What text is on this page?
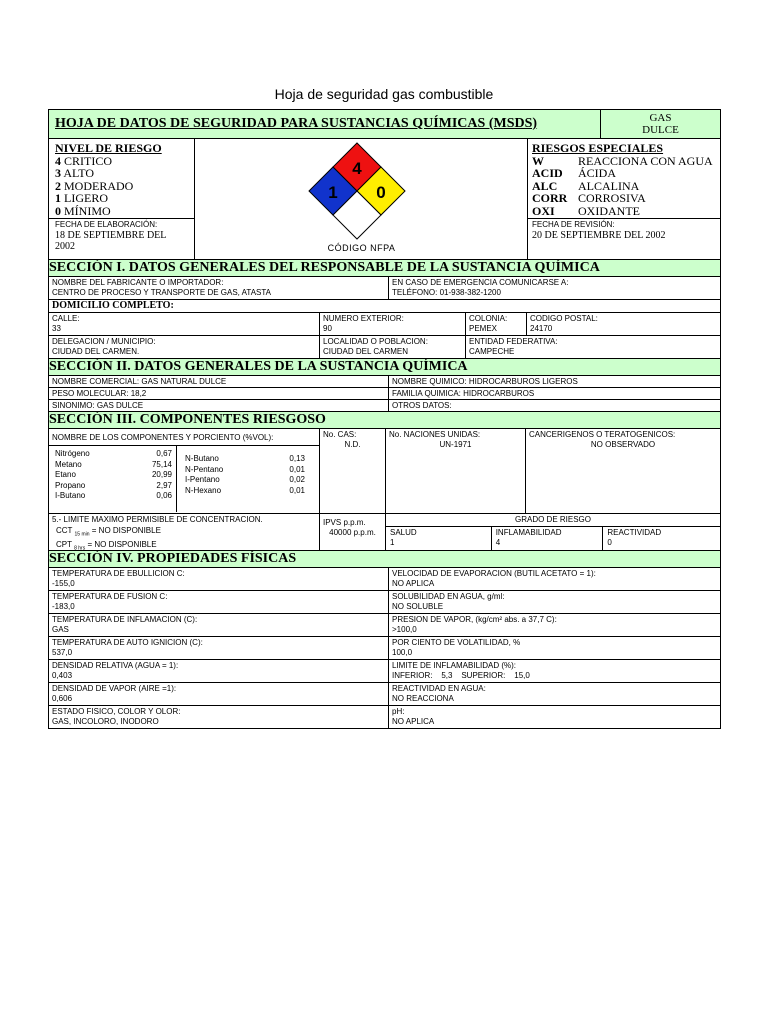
Hoja de seguridad gas combustible
HOJA DE DATOS DE SEGURIDAD PARA SUSTANCIAS QUÍMICAS (MSDS)	GAS
DULCE
NIVEL DE RIESGO
4 CRITICO
3 ALTO
2 MODERADO
1 LIGERO
0 MÍNIMO
FECHA DE ELABORACIÓN:
18 DE SEPTIEMBRE DEL 2002
4
1 0
CÓDIGO NFPA
RIESGOS ESPECIALES
W	REACCIONA CON AGUA
ACID	ÁCIDA
ALC	ALCALINA
CORR CORROSIVA
OXI	OXIDANTE
FECHA DE REVISIÓN:
20 DE SEPTIEMBRE DEL 2002
SECCIÓN I. DATOS GENERALES DEL RESPONSABLE DE LA SUSTANCIA QUÍMICA
NOMBRE DEL FABRICANTE O IMPORTADOR:
CENTRO DE PROCESO Y TRANSPORTE DE GAS, ATASTA
EN CASO DE EMERGENCIA COMUNICARSE A:
TELÉFONO: 01-938-382-1200
DOMICILIO COMPLETO:
CALLE:
33
NUMERO EXTERIOR:
90
COLONIA:
PEMEX
CODIGO POSTAL:
24170
DELEGACION / MUNICIPIO:
CIUDAD DEL CARMEN.
LOCALIDAD O POBLACION:
CIUDAD DEL CARMEN
ENTIDAD FEDERATIVA:
CAMPECHE
SECCIÓN II. DATOS GENERALES DE LA SUSTANCIA QUÍMICA
NOMBRE COMERCIAL: GAS NATURAL DULCE	NOMBRE QUIMICO: HIDROCARBUROS LIGEROS
PESO MOLECULAR: 18,2	FAMILIA QUIMICA: HIDROCARBUROS
SINONIMO: GAS DULCE	OTROS DATOS:
SECCIÓN III. COMPONENTES RIESGOSO
NOMBRE DE LOS COMPONENTES Y PORCIENTO (%VOL):
Nitrógeno	0,67
Metano	75,14
Etano	20,99
Propano	2,97
I-Butano	0,06
N-Butano	0,13
N-Pentano	0,01
I-Pentano	0,02
N-Hexano	0,01
No. CAS:
N.D.
No. NACIONES UNIDAS:
UN-1971
CANCERIGENOS O TERATOGENICOS:
NO OBSERVADO
5.- LIMITE MAXIMO PERMISIBLE DE CONCENTRACION.
CCT $_{15 min}$ = NO DISPONIBLE
CPT $_{8 hrs}$ = NO DISPONIBLE
IPVS p.p.m.
40000 p.p.m.
GRADO DE RIESGO
SALUD
1
INFLAMABILIDAD
4
REACTIVIDAD
0
SECCIÓN IV. PROPIEDADES FÍSICAS
TEMPERATURA DE EBULLICION C:
-155,0
VELOCIDAD DE EVAPORACION (BUTIL ACETATO = 1):
NO APLICA
TEMPERATURA DE FUSION C:
-183,0
SOLUBILIDAD EN AGUA, g/ml:
NO SOLUBLE
TEMPERATURA DE INFLAMACION (C):
GAS
PRESION DE VAPOR, (kg/cm² abs. a 37,7 C):
>100,0
TEMPERATURA DE AUTO IGNICION (C):
537,0
POR CIENTO DE VOLATILIDAD, %
100,0
DENSIDAD RELATIVA (AGUA = 1):
0,403
LIMITE DE INFLAMABILIDAD (%):
INFERIOR:    5,3    SUPERIOR:    15,0
DENSIDAD DE VAPOR (AIRE =1):
0,606
REACTIVIDAD EN AGUA:
NO REACCIONA
ESTADO FISICO, COLOR Y OLOR:
GAS, INCOLORO, INODORO
pH:
NO APLICA
